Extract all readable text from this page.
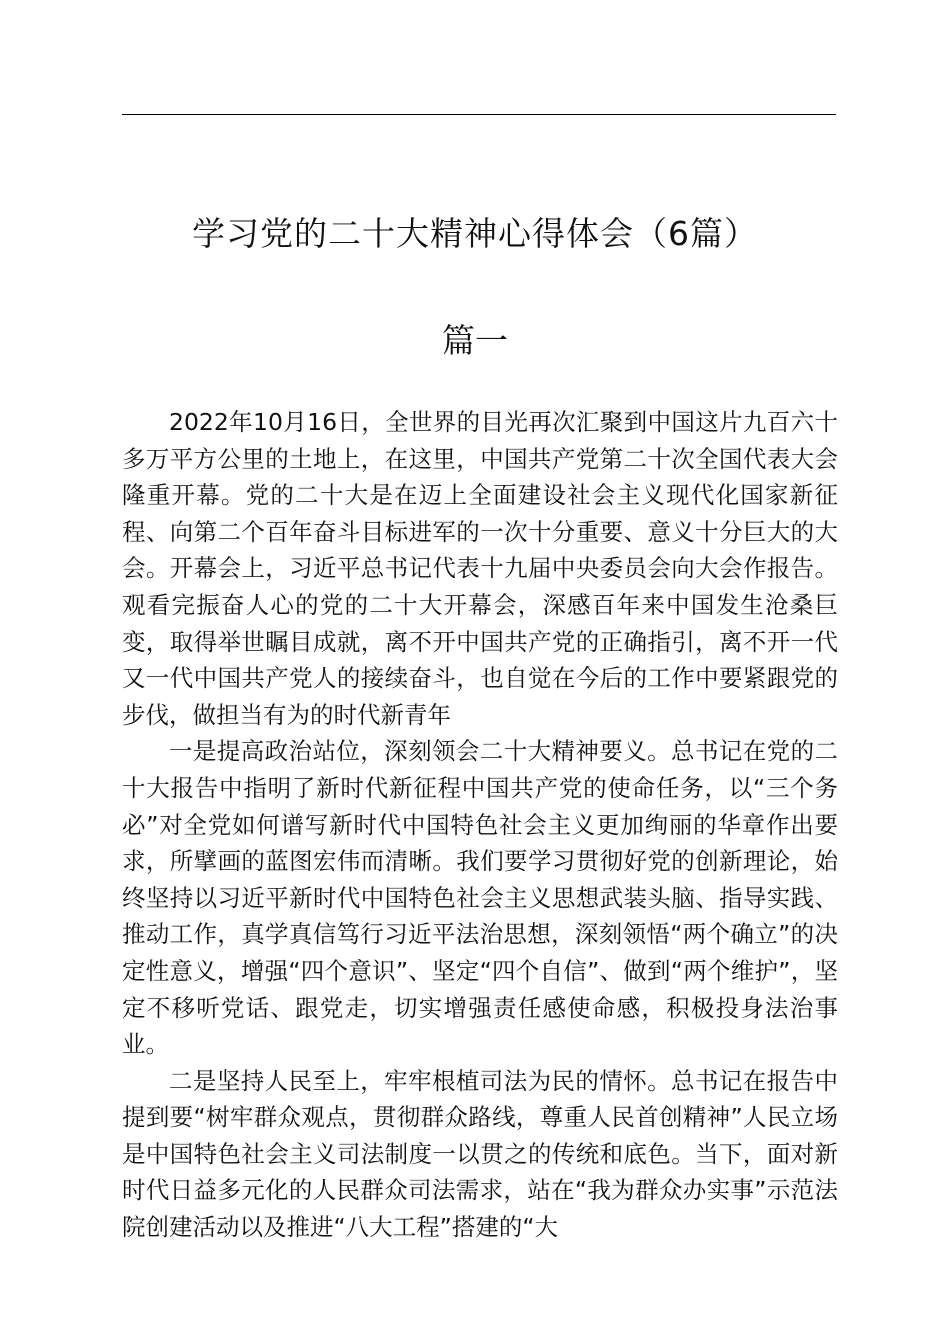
学习党的二十大精神心得体会（6篇）
篇一

2022年10月16日，全世界的目光再次汇聚到中国这片九百六十多万平方公里的土地上，在这里，中国共产党第二十次全国代表大会隆重开幕。党的二十大是在迈上全面建设社会主义现代化国家新征程、向第二个百年奋斗目标进军的一次十分重要、意义十分巨大的大会。开幕会上，习近平总书记代表十九届中央委员会向大会作报告。观看完振奋人心的党的二十大开幕会，深感百年来中国发生沧桑巨变，取得举世瞩目成就，离不开中国共产党的正确指引，离不开一代又一代中国共产党人的接续奋斗，也自觉在今后的工作中要紧跟党的步伐，做担当有为的时代新青年

一是提高政治站位，深刻领会二十大精神要义。总书记在党的二十大报告中指明了新时代新征程中国共产党的使命任务，以“三个务必”对全党如何谱写新时代中国特色社会主义更加绚丽的华章作出要求，所擘画的蓝图宏伟而清晰。我们要学习贯彻好党的创新理论，始终坚持以习近平新时代中国特色社会主义思想武装头脑、指导实践、推动工作，真学真信笃行习近平法治思想，深刻领悟“两个确立”的决定性意义，增强“四个意识”、坚定“四个自信”、做到“两个维护”，坚定不移听党话、跟党走，切实增强责任感使命感，积极投身法治事业。

二是坚持人民至上，牢牢根植司法为民的情怀。总书记在报告中提到要“树牢群众观点，贯彻群众路线，尊重人民首创精神”人民立场是中国特色社会主义司法制度一以贯之的传统和底色。当下，面对新时代日益多元化的人民群众司法需求，站在“我为群众办实事”示范法院创建活动以及推进“八大工程”搭建的“大
